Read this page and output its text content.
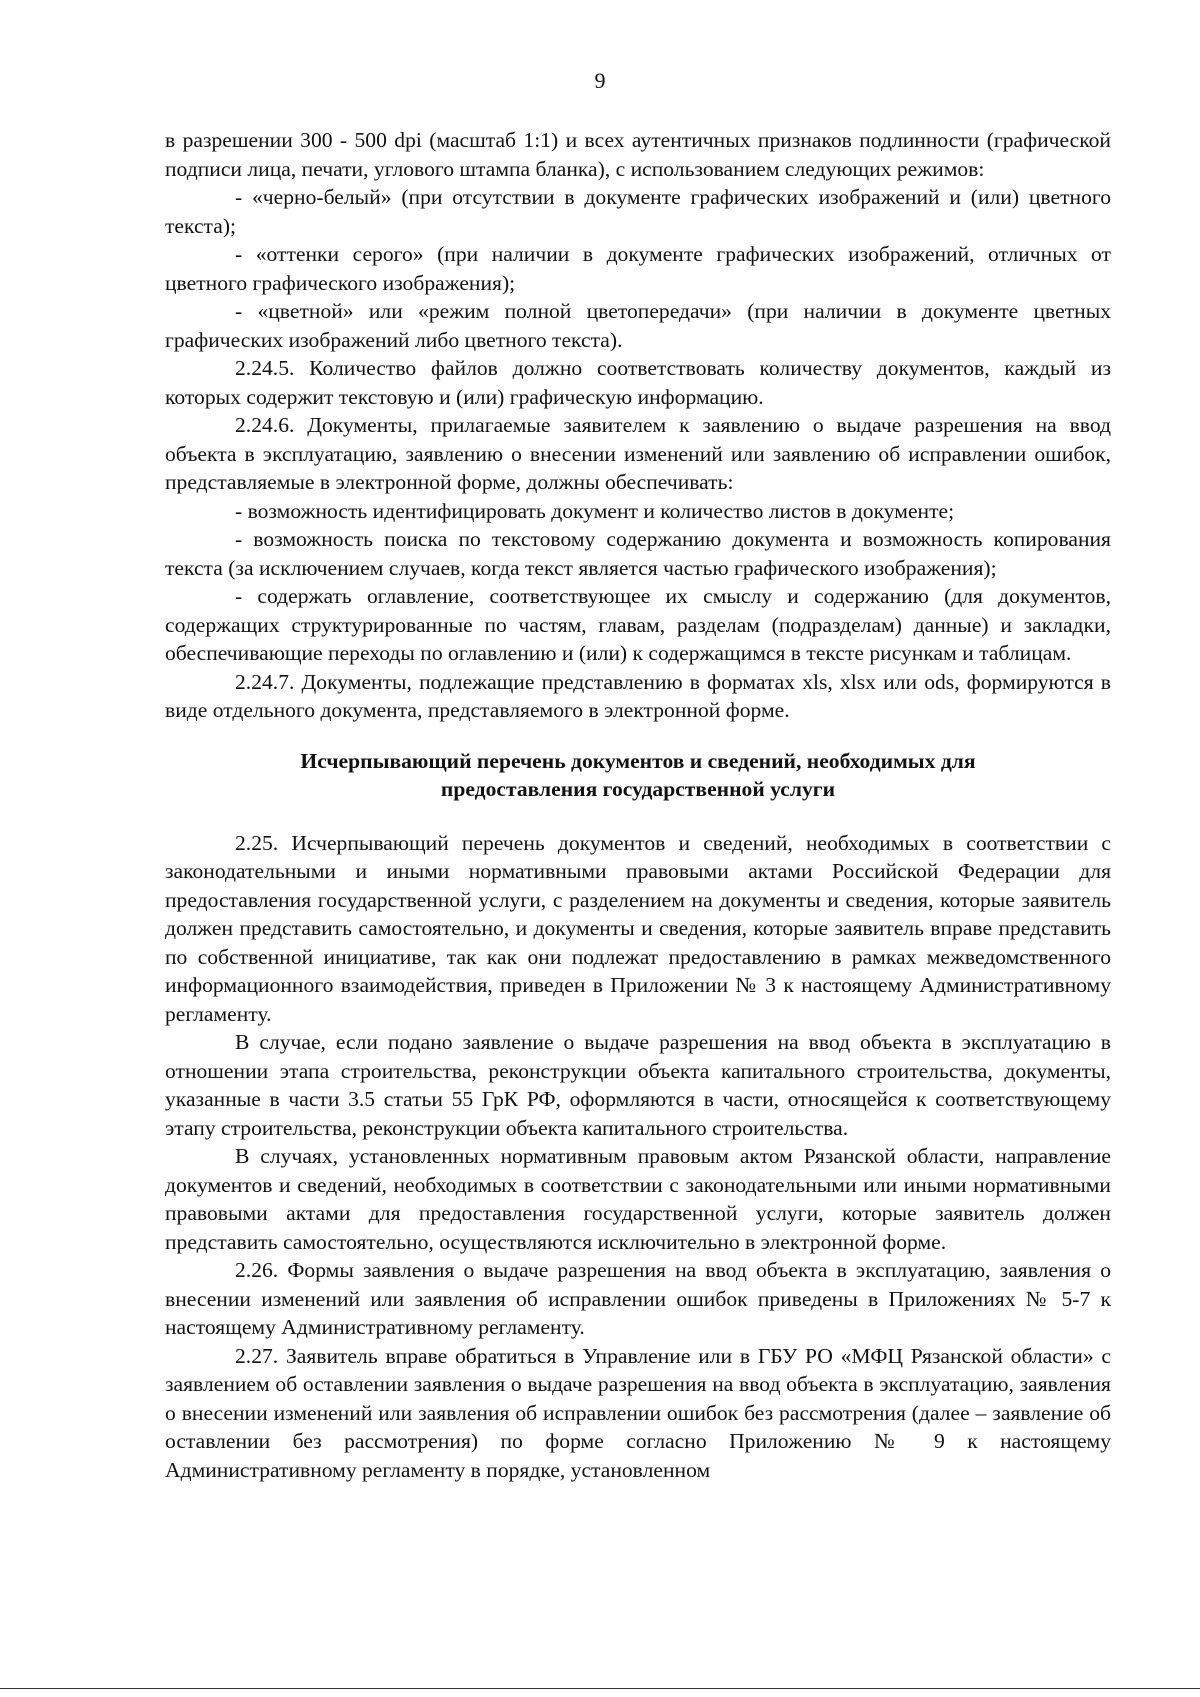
9

в разрешении 300 - 500 dpi (масштаб 1:1) и всех аутентичных признаков подлинности (графической подписи лица, печати, углового штампа бланка), с использованием следующих режимов:

- «черно-белый» (при отсутствии в документе графических изображений и (или) цветного текста);

- «оттенки серого» (при наличии в документе графических изображений, отличных от цветного графического изображения);

- «цветной» или «режим полной цветопередачи» (при наличии в документе цветных графических изображений либо цветного текста).

2.24.5. Количество файлов должно соответствовать количеству документов, каждый из которых содержит текстовую и (или) графическую информацию.

2.24.6. Документы, прилагаемые заявителем к заявлению о выдаче разрешения на ввод объекта в эксплуатацию, заявлению о внесении изменений или заявлению об исправлении ошибок, представляемые в электронной форме, должны обеспечивать:

- возможность идентифицировать документ и количество листов в документе;

- возможность поиска по текстовому содержанию документа и возможность копирования текста (за исключением случаев, когда текст является частью графического изображения);

- содержать оглавление, соответствующее их смыслу и содержанию (для документов, содержащих структурированные по частям, главам, разделам (подразделам) данные) и закладки, обеспечивающие переходы по оглавлению и (или) к содержащимся в тексте рисункам и таблицам.

2.24.7. Документы, подлежащие представлению в форматах xls, xlsx или ods, формируются в виде отдельного документа, представляемого в электронной форме.

Исчерпывающий перечень документов и сведений, необходимых для
предоставления государственной услуги

2.25. Исчерпывающий перечень документов и сведений, необходимых в соответствии с законодательными и иными нормативными правовыми актами Российской Федерации для предоставления государственной услуги, с разделением на документы и сведения, которые заявитель должен представить самостоятельно, и документы и сведения, которые заявитель вправе представить по собственной инициативе, так как они подлежат предоставлению в рамках межведомственного информационного взаимодействия, приведен в Приложении № 3 к настоящему Административному регламенту.

В случае, если подано заявление о выдаче разрешения на ввод объекта в эксплуатацию в отношении этапа строительства, реконструкции объекта капитального строительства, документы, указанные в части 3.5 статьи 55 ГрК РФ, оформляются в части, относящейся к соответствующему этапу строительства, реконструкции объекта капитального строительства.

В случаях, установленных нормативным правовым актом Рязанской области, направление документов и сведений, необходимых в соответствии с законодательными или иными нормативными правовыми актами для предоставления государственной услуги, которые заявитель должен представить самостоятельно, осуществляются исключительно в электронной форме.

2.26. Формы заявления о выдаче разрешения на ввод объекта в эксплуатацию, заявления о внесении изменений или заявления об исправлении ошибок приведены в Приложениях № 5-7 к настоящему Административному регламенту.

2.27. Заявитель вправе обратиться в Управление или в ГБУ РО «МФЦ Рязанской области» с заявлением об оставлении заявления о выдаче разрешения на ввод объекта в эксплуатацию, заявления о внесении изменений или заявления об исправлении ошибок без рассмотрения (далее – заявление об оставлении без рассмотрения) по форме согласно Приложению № 9 к настоящему Административному регламенту в порядке, установленном
